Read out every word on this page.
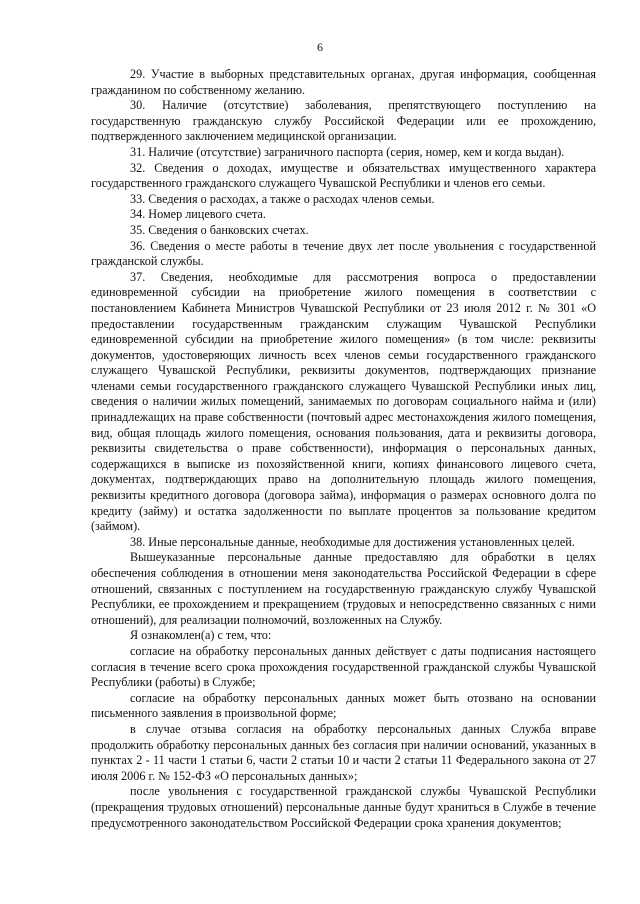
6

29. Участие в выборных представительных органах, другая информация, сообщенная гражданином по собственному желанию.

30. Наличие (отсутствие) заболевания, препятствующего поступлению на государственную гражданскую службу Российской Федерации или ее прохождению, подтвержденного заключением медицинской организации.

31. Наличие (отсутствие) заграничного паспорта (серия, номер, кем и когда выдан).

32. Сведения о доходах, имуществе и обязательствах имущественного характера государственного гражданского служащего Чувашской Республики и членов его семьи.

33. Сведения о расходах, а также о расходах членов семьи.

34. Номер лицевого счета.

35. Сведения о банковских счетах.

36. Сведения о месте работы в течение двух лет после увольнения с государственной гражданской службы.

37. Сведения, необходимые для рассмотрения вопроса о предоставлении единовременной субсидии на приобретение жилого помещения в соответствии с постановлением Кабинета Министров Чувашской Республики от 23 июля 2012 г. № 301 «О предоставлении государственным гражданским служащим Чувашской Республики единовременной субсидии на приобретение жилого помещения» (в том числе: реквизиты документов, удостоверяющих личность всех членов семьи государственного гражданского служащего Чувашской Республики, реквизиты документов, подтверждающих признание членами семьи государственного гражданского служащего Чувашской Республики иных лиц, сведения о наличии жилых помещений, занимаемых по договорам социального найма и (или) принадлежащих на праве собственности (почтовый адрес местонахождения жилого помещения, вид, общая площадь жилого помещения, основания пользования, дата и реквизиты договора, реквизиты свидетельства о праве собственности), информация о персональных данных, содержащихся в выписке из похозяйственной книги, копиях финансового лицевого счета, документах, подтверждающих право на дополнительную площадь жилого помещения, реквизиты кредитного договора (договора займа), информация о размерах основного долга по кредиту (займу) и остатка задолженности по выплате процентов за пользование кредитом (займом).

38. Иные персональные данные, необходимые для достижения установленных целей.

Вышеуказанные персональные данные предоставляю для обработки в целях обеспечения соблюдения в отношении меня законодательства Российской Федерации в сфере отношений, связанных с поступлением на государственную гражданскую службу Чувашской Республики, ее прохождением и прекращением (трудовых и непосредственно связанных с ними отношений), для реализации полномочий, возложенных на Службу.

Я ознакомлен(а) с тем, что:

согласие на обработку персональных данных действует с даты подписания настоящего согласия в течение всего срока прохождения государственной гражданской службы Чувашской Республики (работы) в Службе;

согласие на обработку персональных данных может быть отозвано на основании письменного заявления в произвольной форме;

в случае отзыва согласия на обработку персональных данных Служба вправе продолжить обработку персональных данных без согласия при наличии оснований, указанных в пунктах 2 - 11 части 1 статьи 6, части 2 статьи 10 и части 2 статьи 11 Федерального закона от 27 июля 2006 г. № 152-ФЗ «О персональных данных»;

после увольнения с государственной гражданской службы Чувашской Республики (прекращения трудовых отношений) персональные данные будут храниться в Службе в течение предусмотренного законодательством Российской Федерации срока хранения документов;
